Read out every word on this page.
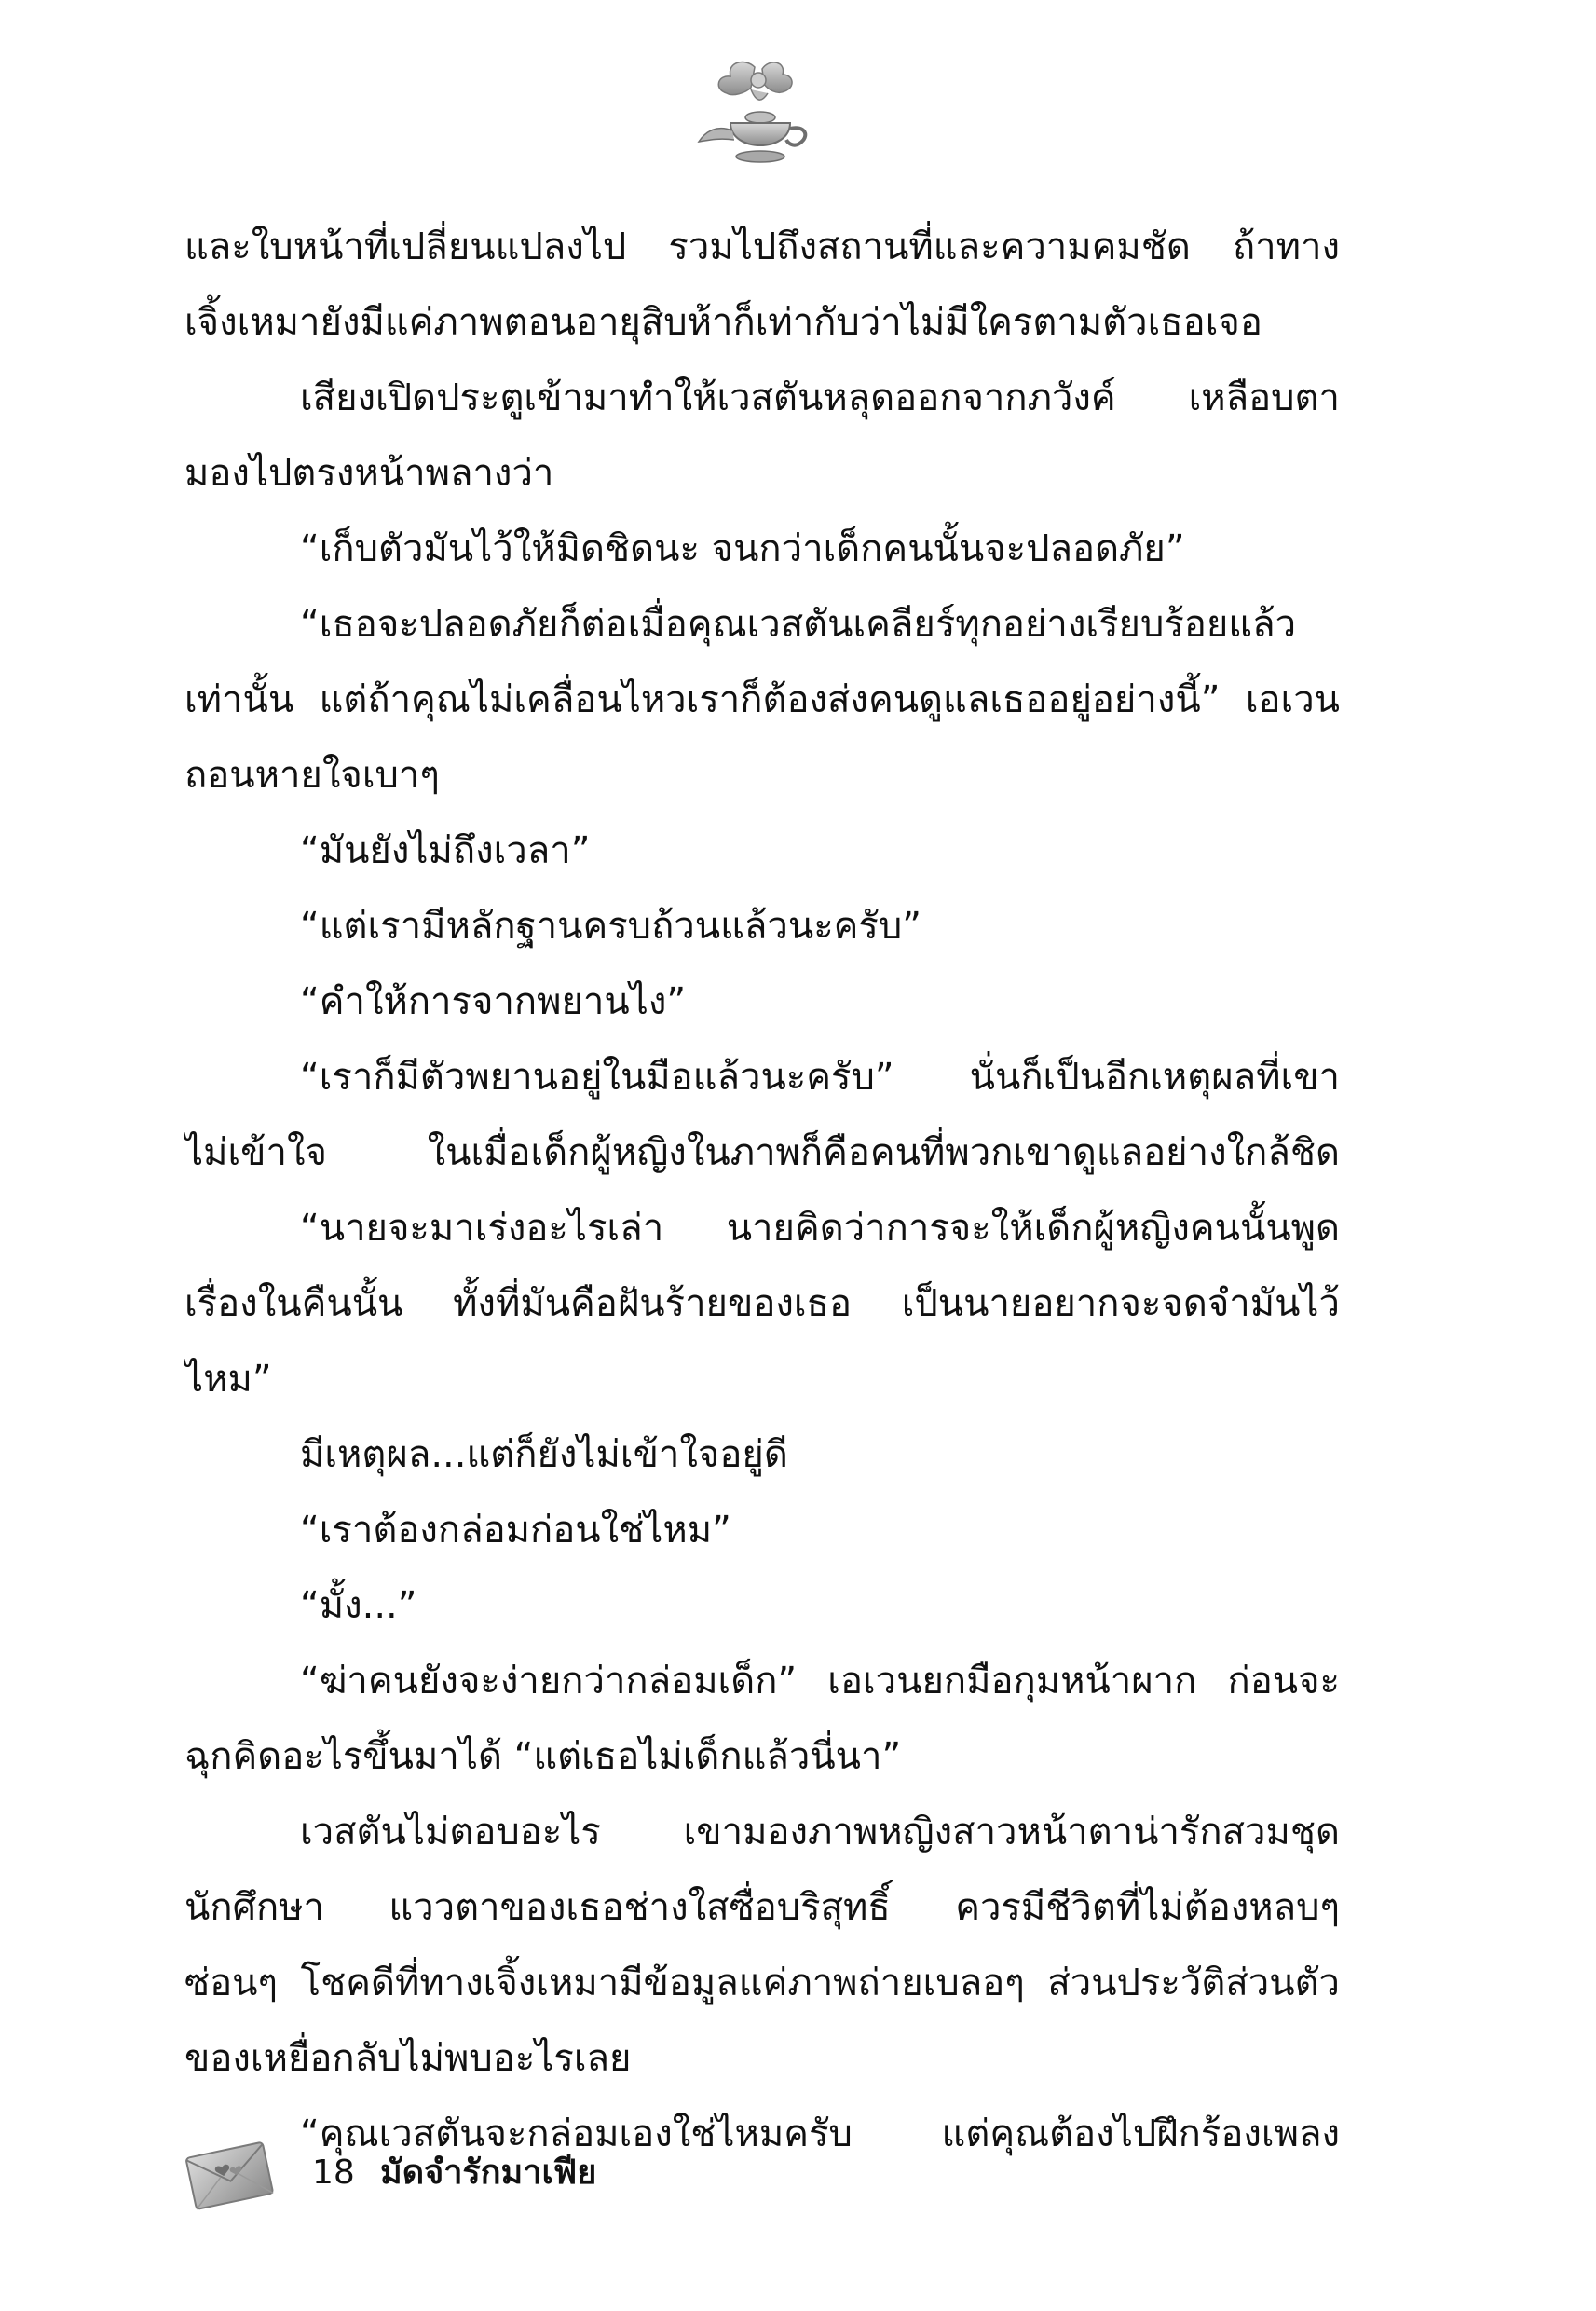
และใบหน้าที่เปลี่ยนแปลงไป รวมไปถึงสถานที่และความคมชัด ถ้าทาง
เจิ้งเหมายังมีแค่ภาพตอนอายุสิบห้าก็เท่ากับว่าไม่มีใครตามตัวเธอเจอ
เสียงเปิดประตูเข้ามาทำให้เวสตันหลุดออกจากภวังค์ เหลือบตา
มองไปตรงหน้าพลางว่า
“เก็บตัวมันไว้ให้มิดชิดนะ จนกว่าเด็กคนนั้นจะปลอดภัย”
“เธอจะปลอดภัยก็ต่อเมื่อคุณเวสตันเคลียร์ทุกอย่างเรียบร้อยแล้ว
เท่านั้น แต่ถ้าคุณไม่เคลื่อนไหวเราก็ต้องส่งคนดูแลเธออยู่อย่างนี้” เอเวน
ถอนหายใจเบาๆ
“มันยังไม่ถึงเวลา”
“แต่เรามีหลักฐานครบถ้วนแล้วนะครับ”
“คำให้การจากพยานไง”
“เราก็มีตัวพยานอยู่ในมือแล้วนะครับ” นั่นก็เป็นอีกเหตุผลที่เขา
ไม่เข้าใจ ในเมื่อเด็กผู้หญิงในภาพก็คือคนที่พวกเขาดูแลอย่างใกล้ชิด
“นายจะมาเร่งอะไรเล่า นายคิดว่าการจะให้เด็กผู้หญิงคนนั้นพูด
เรื่องในคืนนั้น ทั้งที่มันคือฝันร้ายของเธอ เป็นนายอยากจะจดจำมันไว้
ไหม”
มีเหตุผล...แต่ก็ยังไม่เข้าใจอยู่ดี
“เราต้องกล่อมก่อนใช่ไหม”
“มั้ง...”
“ฆ่าคนยังจะง่ายกว่ากล่อมเด็ก” เอเวนยกมือกุมหน้าผาก ก่อนจะ
ฉุกคิดอะไรขึ้นมาได้ “แต่เธอไม่เด็กแล้วนี่นา”
เวสตันไม่ตอบอะไร เขามองภาพหญิงสาวหน้าตาน่ารักสวมชุด
นักศึกษา แววตาของเธอช่างใสซื่อบริสุทธิ์ ควรมีชีวิตที่ไม่ต้องหลบๆ
ซ่อนๆ โชคดีที่ทางเจิ้งเหมามีข้อมูลแค่ภาพถ่ายเบลอๆ ส่วนประวัติส่วนตัว
ของเหยื่อกลับไม่พบอะไรเลย
“คุณเวสตันจะกล่อมเองใช่ไหมครับ แต่คุณต้องไปฝึกร้องเพลง
18 มัดจำรักมาเฟีย
